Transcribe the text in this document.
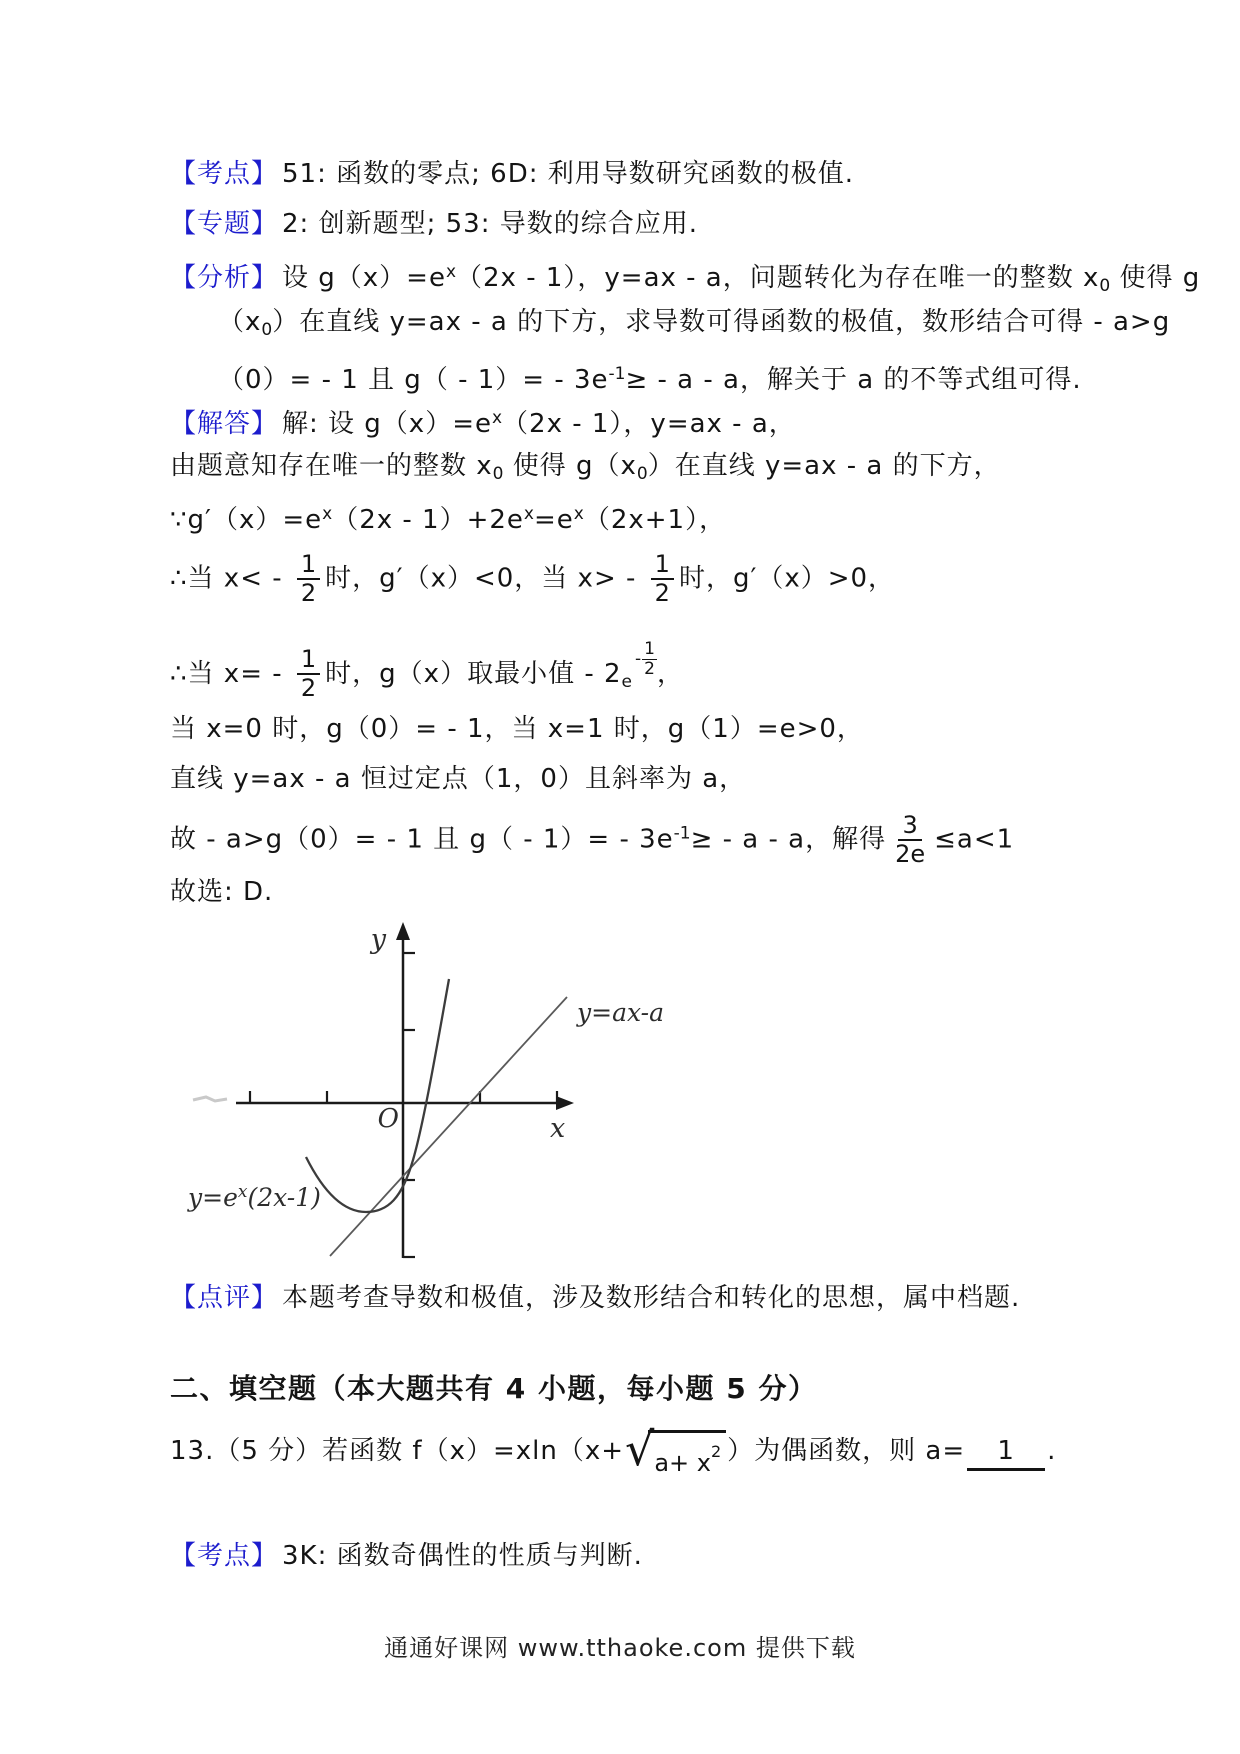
【考点】 51: 函数的零点; 6D: 利用导数研究函数的极值.
【专题】 2: 创新题型; 53: 导数的综合应用.
【分析】 设 $g(x)=e^x(2x - 1)$，y=ax - a，问题转化为存在唯一的整数 x0 使得 g
（x0）在直线 y=ax - a 的下方，求导数可得函数的极值，数形结合可得 - a>g
（0）= - 1 且 $g( - 1)= - 3e^{-1}\ge - a - a$，解关于 a 的不等式组可得.
【解答】 解: 设 $g(x)=e^x(2x - 1)$，y=ax - a，
由题意知存在唯一的整数 x0 使得 g（x0）在直线 y=ax - a 的下方，
$\because g'(x)=e^x(2x - 1)+2e^x=e^x(2x+1)$，
∴当 $x< - \frac{1}{2}$ 时，g′（x）<0，当 $x> - \frac{1}{2}$ 时，g′（x）>0，
∴当 $x= - \frac{1}{2}$ 时，g（x）取最小值 - 2e
- 1
2 ，
当 x=0 时，g（0）= - 1，当 x=1 时，g（1）=e>0，
直线 y=ax - a 恒过定点（1，0）且斜率为 a，
故 - a>g（0）= - 1 且 $g( - 1)= - 3e^{-1}\ge - a - a$，解得 $\frac{3}{2e} \le a<1$
故选: D.
y
x
O
y=ax-a
$y=e^x(2x-1)$
【点评】 本题考查导数和极值，涉及数形结合和转化的思想，属中档题.
二、填空题（本大题共有 4 小题，每小题 5 分）
13.（5 分）若函数 f（x）=xln（x+ √ $a+ x^2$ ）为偶函数，则 a= 1 .
【考点】 3K: 函数奇偶性的性质与判断.
通通好课网 www.tthaoke.com 提供下载
